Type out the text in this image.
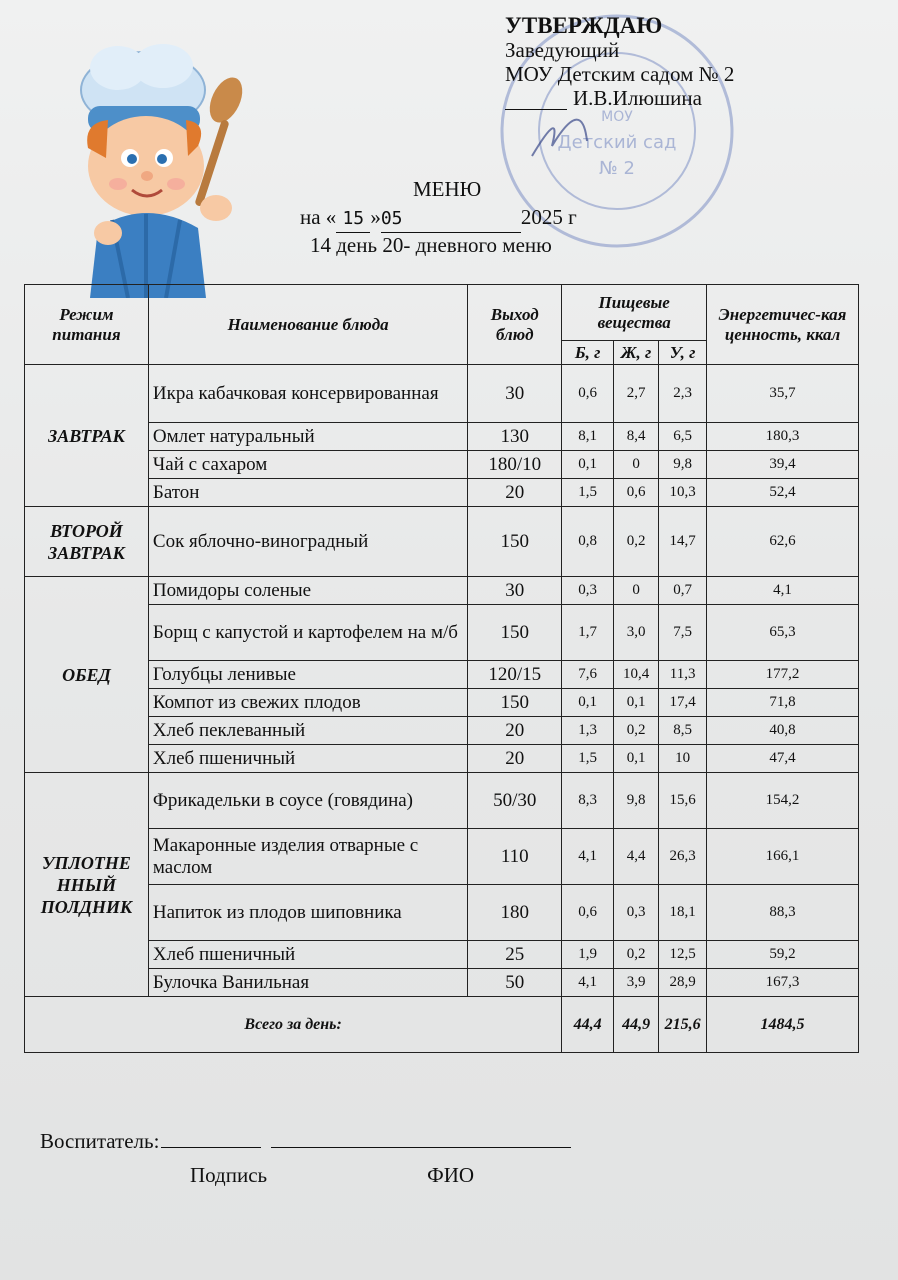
МОУ
Детский сад
№ 2
УТВЕРЖДАЮ
Заведующий
МОУ Детским садом № 2
И.В.Илюшина
МЕНЮ
на « 15 »05	2025 г
14 день 20- дневного меню
Режим питания	Наименование блюда	Выход блюд	Пищевые вещества			Энергетичес-кая ценность, ккал
			Б, г	Ж, г	У, г	
ЗАВТРАК	Икра кабачковая консервированная	30	0,6	2,7	2,3	35,7
	Омлет натуральный	130	8,1	8,4	6,5	180,3
	Чай с сахаром	180/10	0,1	0	9,8	39,4
	Батон	20	1,5	0,6	10,3	52,4
ВТОРОЙ ЗАВТРАК	Сок яблочно-виноградный	150	0,8	0,2	14,7	62,6
ОБЕД	Помидоры соленые	30	0,3	0	0,7	4,1
	Борщ с капустой и картофелем на м/б	150	1,7	3,0	7,5	65,3
	Голубцы ленивые	120/15	7,6	10,4	11,3	177,2
	Компот из свежих плодов	150	0,1	0,1	17,4	71,8
	Хлеб пеклеванный	20	1,3	0,2	8,5	40,8
	Хлеб пшеничный	20	1,5	0,1	10	47,4
УПЛОТНЕ ННЫЙ ПОЛДНИК	Фрикадельки в соусе (говядина)	50/30	8,3	9,8	15,6	154,2
	Макаронные изделия отварные с маслом	110	4,1	4,4	26,3	166,1
	Напиток из плодов шиповника	180	0,6	0,3	18,1	88,3
	Хлеб пшеничный	25	1,9	0,2	12,5	59,2
	Булочка Ванильная	50	4,1	3,9	28,9	167,3
Всего за день:			44,4	44,9	215,6	1484,5
Воспитатель:
Подпись	ФИО
